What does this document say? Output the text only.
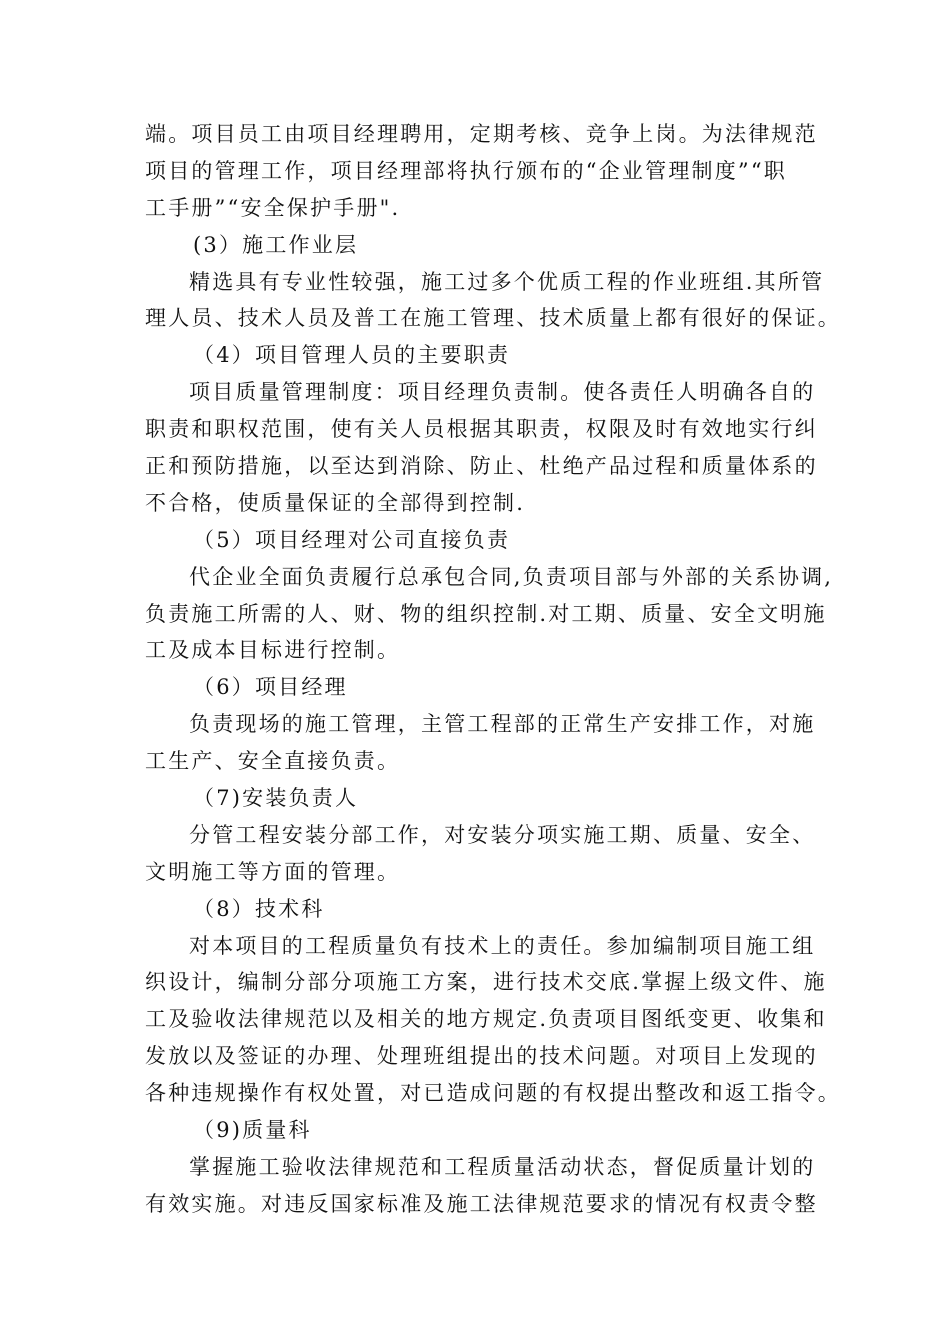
端。项目员工由项目经理聘用，定期考核、竞争上岗。为法律规范
项目的管理工作，项目经理部将执行颁布的“企业管理制度”“职
工手册”“安全保护手册".
(3）施工作业层
精选具有专业性较强，施工过多个优质工程的作业班组.其所管
理人员、技术人员及普工在施工管理、技术质量上都有很好的保证。
（4）项目管理人员的主要职责
项目质量管理制度：项目经理负责制。使各责任人明确各自的
职责和职权范围，使有关人员根据其职责，权限及时有效地实行纠
正和预防措施，以至达到消除、防止、杜绝产品过程和质量体系的
不合格，使质量保证的全部得到控制.
（5）项目经理对公司直接负责
代企业全面负责履行总承包合同,负责项目部与外部的关系协调,
负责施工所需的人、财、物的组织控制.对工期、质量、安全文明施
工及成本目标进行控制。
（6）项目经理
负责现场的施工管理，主管工程部的正常生产安排工作，对施
工生产、安全直接负责。
（7)安装负责人
分管工程安装分部工作，对安装分项实施工期、质量、安全、
文明施工等方面的管理。
（8）技术科
对本项目的工程质量负有技术上的责任。参加编制项目施工组
织设计，编制分部分项施工方案，进行技术交底.掌握上级文件、施
工及验收法律规范以及相关的地方规定.负责项目图纸变更、收集和
发放以及签证的办理、处理班组提出的技术问题。对项目上发现的
各种违规操作有权处置，对已造成问题的有权提出整改和返工指令。
（9)质量科
掌握施工验收法律规范和工程质量活动状态，督促质量计划的
有效实施。对违反国家标准及施工法律规范要求的情况有权责令整
